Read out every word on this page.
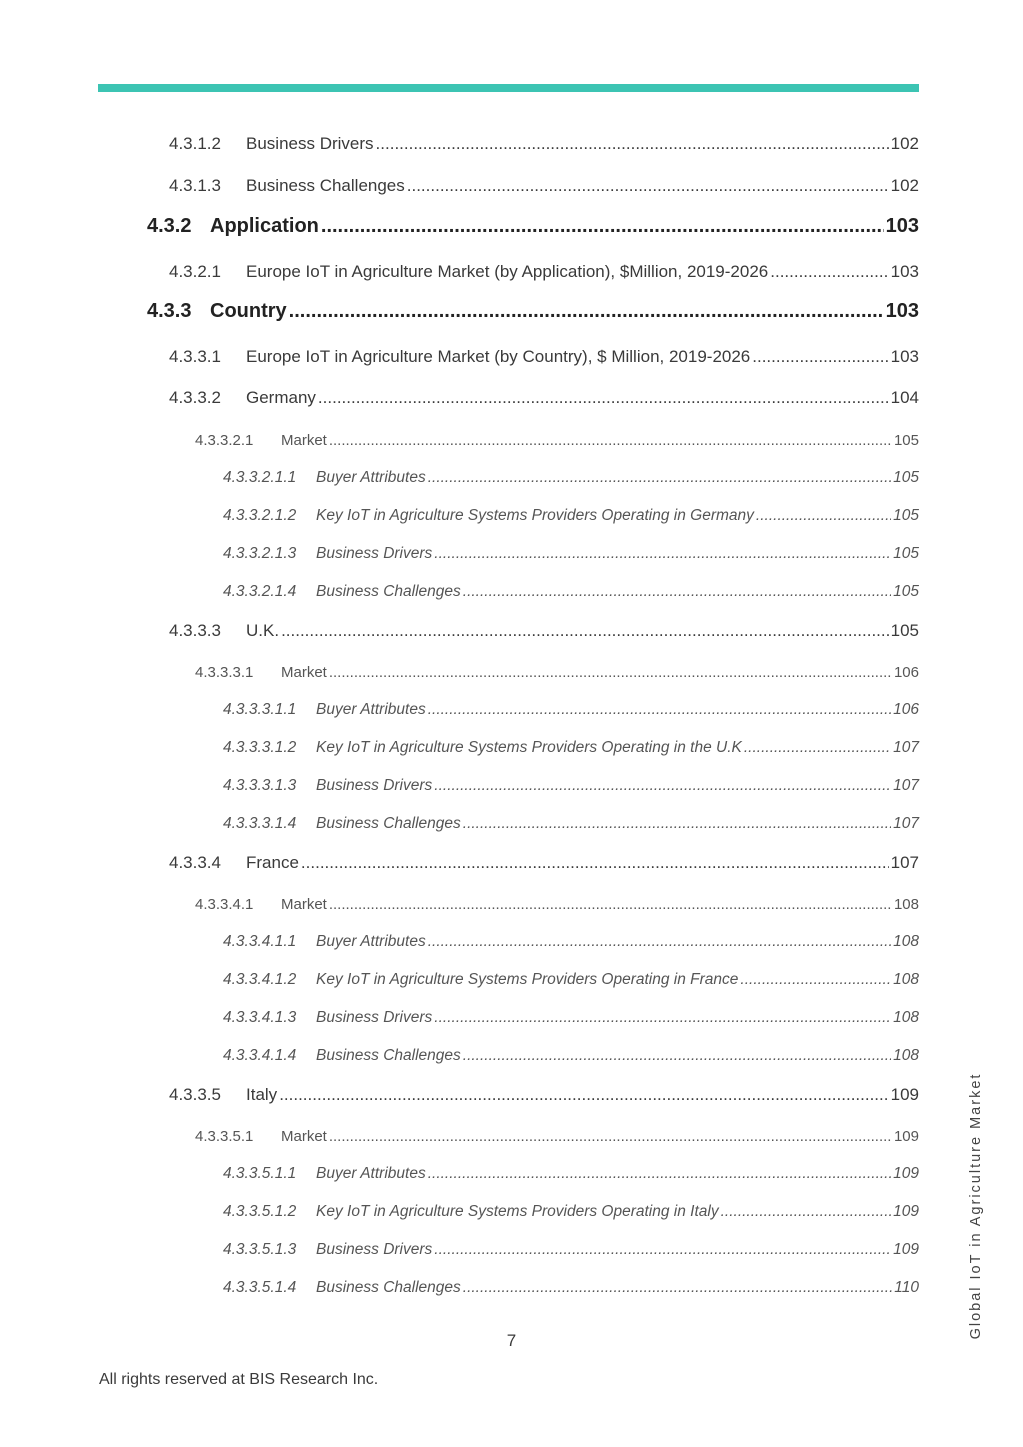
4.3.1.2	Business Drivers .....	102
4.3.1.3	Business Challenges .....	102
4.3.2 Application .....	103
4.3.2.1	Europe IoT in Agriculture Market (by Application), $Million, 2019-2026 .....	103
4.3.3 Country .....	103
4.3.3.1	Europe IoT in Agriculture Market (by Country), $ Million, 2019-2026 .....	103
4.3.3.2	Germany .....	104
4.3.3.2.1	Market .....	105
4.3.3.2.1.1	Buyer Attributes .....	105
4.3.3.2.1.2	Key IoT in Agriculture Systems Providers Operating in Germany .....	105
4.3.3.2.1.3	Business Drivers .....	105
4.3.3.2.1.4	Business Challenges .....	105
4.3.3.3	U.K. .....	105
4.3.3.3.1	Market .....	106
4.3.3.3.1.1	Buyer Attributes .....	106
4.3.3.3.1.2	Key IoT in Agriculture Systems Providers Operating in the U.K .....	107
4.3.3.3.1.3	Business Drivers .....	107
4.3.3.3.1.4	Business Challenges .....	107
4.3.3.4	France .....	107
4.3.3.4.1	Market .....	108
4.3.3.4.1.1	Buyer Attributes .....	108
4.3.3.4.1.2	Key IoT in Agriculture Systems Providers Operating in France .....	108
4.3.3.4.1.3	Business Drivers .....	108
4.3.3.4.1.4	Business Challenges .....	108
4.3.3.5	Italy .....	109
4.3.3.5.1	Market .....	109
4.3.3.5.1.1	Buyer Attributes .....	109
4.3.3.5.1.2	Key IoT in Agriculture Systems Providers Operating in Italy .....	109
4.3.3.5.1.3	Business Drivers .....	109
4.3.3.5.1.4	Business Challenges .....	110
7
All rights reserved at BIS Research Inc.
Global IoT in Agriculture Market
